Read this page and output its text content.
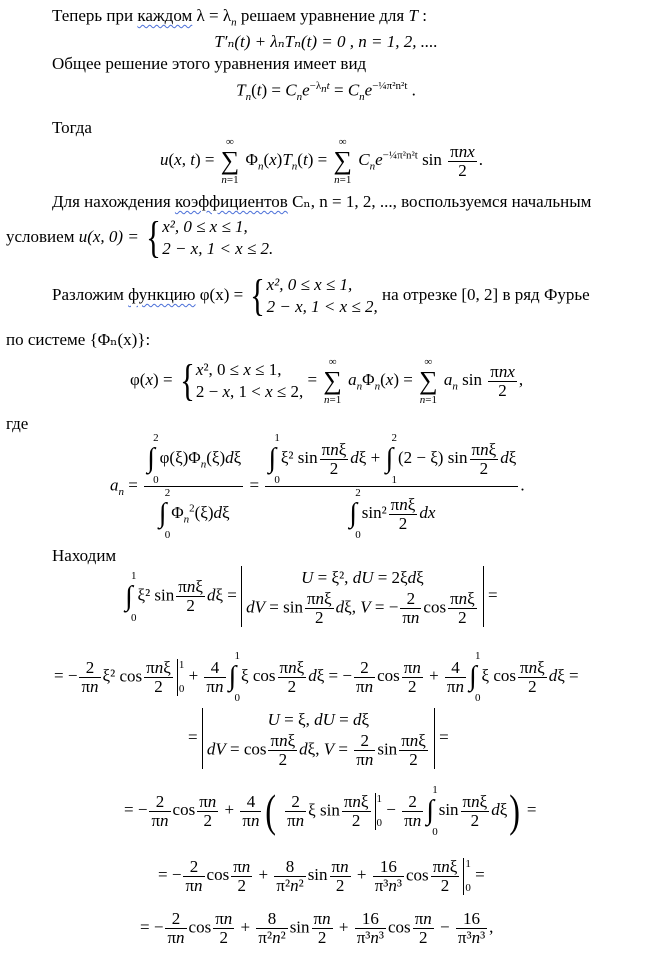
Теперь при каждом $\lambda = \lambda_n$ решаем уравнение для T :
T′ₙ(t) + λₙTₙ(t) = 0 , n = 1, 2, ....
Общее решение этого уравнения имеет вид
$T_n(t) = C_ne^{-\lambda_nt} = C_ne^{-\frac{1}{4}\pi^2n^2t}$ .
Тогда
u(x, t) =
∞
∑
n=1
$\Phi_n(x)T_n(t)$ =
∞
∑
n=1
$C_ne^{-\frac{1}{4}\pi^2n^2t}$ $\sin \frac{\text{πnx}}{2}$ .
Для нахождения коэффициентов Cₙ, n = 1, 2, ..., воспользуемся начальным
условием u(x, 0) = {x², 0 ≤ x ≤ 1,
2 − x, 1 < x ≤ 2.
Разложим функцию φ(x) = {x², 0 ≤ x ≤ 1,
2 − x, 1 < x ≤ 2, на отрезке [0, 2] в ряд Фурье
по системе {Φₙ(x)}:
φ(x) = {x², 0 ≤ x ≤ 1,
2 − x, 1 < x ≤ 2, =
∞
∑
n=1
$a_n\Phi_n(x)$ =
∞
∑
n=1
$a_n$ $\sin \frac{\text{πnx}}{2}$ ,
где
$a_n = 2$
∫
0
$\varphi(\xi)\Phi_n(\xi)d\xi$
2
∫
0
$\Phi_n^2(\xi)d\xi = 1$
∫
0
ξ² $\sin \frac{\text{πnξ}}{2}$ dξ +
2
∫
1
(2 − ξ) $\sin \frac{\text{πnξ}}{2}$ dξ
2
∫
0
$\sin^2 \frac{\text{πnξ}}{2}$ dx .
Находим
1
∫
0
ξ² $\sin \frac{\text{πnξ}}{2}$ dξ =
U = ξ², dU = 2ξdξ
dV = $\sin \frac{\text{πnξ}}{2} d\xi$, V = − $\frac{2}{\pi n}$ $\cos \frac{\text{πnξ}}{2}$ =
= − $\frac{2}{\pi n} \xi^2$ $\cos \frac{\text{πnξ}}{2} 1$
$0 + \frac{4}{\pi n}$
1
∫
0
ξ $\cos \frac{\text{πnξ}}{2}$ dξ = − $\frac{2}{\pi n}$ $\cos \frac{\pi n}{2} + \frac{4}{\pi n}$
1
∫
0
ξ $\cos \frac{\text{πnξ}}{2}$ dξ =
=
U = ξ, dU = dξ
dV = $\cos \frac{\text{πnξ}}{2} d\xi$, $V = \frac{2}{\pi n}$ $\sin \frac{\text{πnξ}}{2}$ =
= − $\frac{2}{\pi n}$ $\cos \frac{\pi n}{2} + \frac{4}{\pi n}$ ( $\frac{2}{\pi n}$ ξ $\sin \frac{\text{πnξ}}{2} 1$
$0 - \frac{2}{\pi n}$
1
∫
0
$\sin \frac{\text{πnξ}}{2} d\xi$) =
= − $\frac{2}{\pi n}$ $\cos \frac{\pi n}{2} + \frac{8}{\text{π²n²}}$ $\sin \frac{\pi n}{2} + \frac{16}{\text{π³n³}}$ $\cos \frac{\text{πnξ}}{2} 1$
0 =
= − $\frac{2}{\pi n}$ $\cos \frac{\pi n}{2} + \frac{8}{\text{π²n²}}$ $\sin \frac{\pi n}{2} + \frac{16}{\text{π³n³}}$ $\cos \frac{\pi n}{2} - \frac{16}{\text{π³n³}}$ ,
